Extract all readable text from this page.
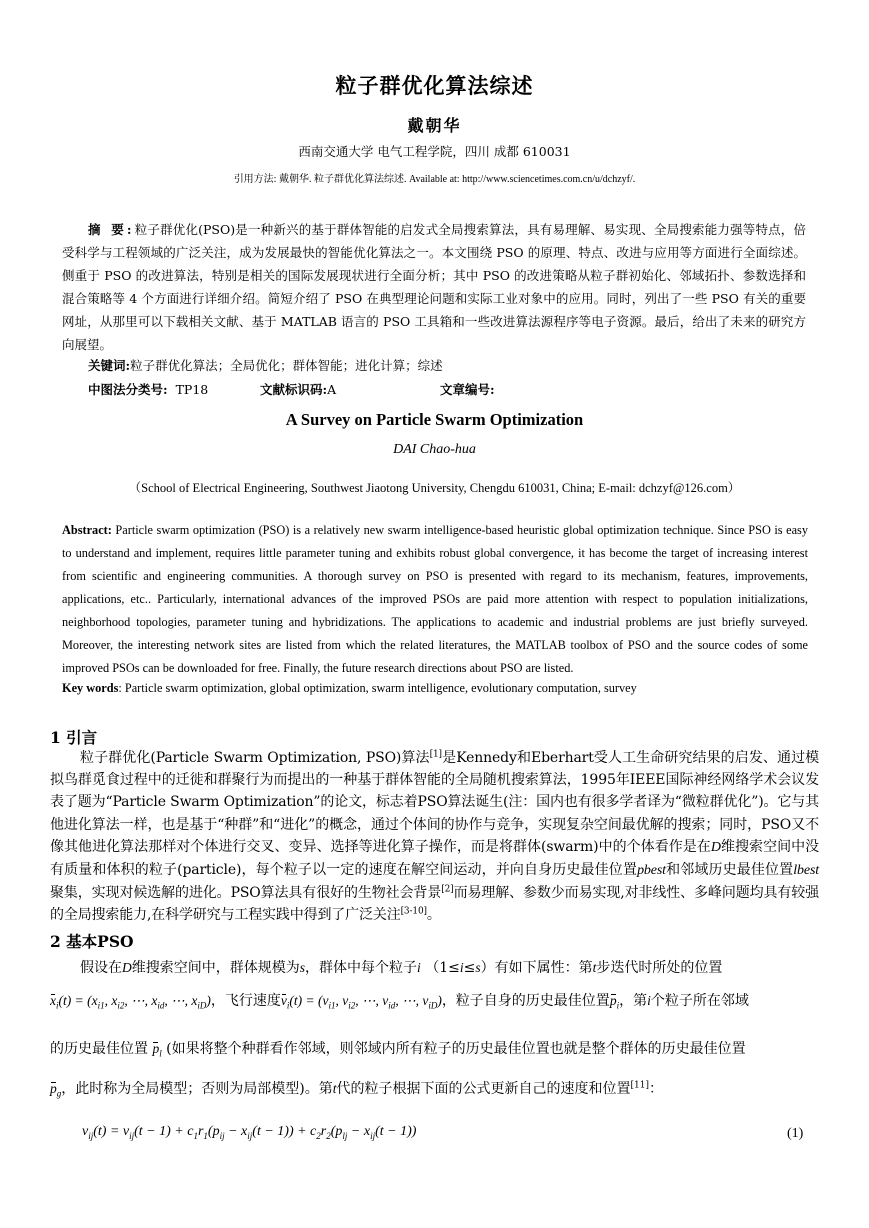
粒子群优化算法综述
戴朝华
西南交通大学 电气工程学院，四川 成都 610031
引用方法: 戴朝华. 粒子群优化算法综述. Available at: http://www.sciencetimes.com.cn/u/dchzyf/.
摘 要:粒子群优化(PSO)是一种新兴的基于群体智能的启发式全局搜索算法，具有易理解、易实现、全局搜索能力强等特点，倍受科学与工程领域的广泛关注，成为发展最快的智能优化算法之一。本文围绕 PSO 的原理、特点、改进与应用等方面进行全面综述。侧重于 PSO 的改进算法，特别是相关的国际发展现状进行全面分析；其中 PSO 的改进策略从粒子群初始化、邻域拓扑、参数选择和混合策略等 4 个方面进行详细介绍。简短介绍了 PSO 在典型理论问题和实际工业对象中的应用。同时，列出了一些 PSO 有关的重要网址，从那里可以下载相关文献、基于 MATLAB 语言的 PSO 工具箱和一些改进算法源程序等电子资源。最后，给出了未来的研究方向展望。
关键词:粒子群优化算法；全局优化；群体智能；进化计算；综述
中图法分类号: TP18	文献标识码:A	文章编号:
A Survey on Particle Swarm Optimization
DAI Chao-hua
（School of Electrical Engineering, Southwest Jiaotong University, Chengdu 610031, China; E-mail: dchzyf@126.com）
Abstract: Particle swarm optimization (PSO) is a relatively new swarm intelligence-based heuristic global optimization technique. Since PSO is easy to understand and implement, requires little parameter tuning and exhibits robust global convergence, it has become the target of increasing interest from scientific and engineering communities. A thorough survey on PSO is presented with regard to its mechanism, features, improvements, applications, etc.. Particularly, international advances of the improved PSOs are paid more attention with respect to population initializations, neighborhood topologies, parameter tuning and hybridizations. The applications to academic and industrial problems are just briefly surveyed. Moreover, the interesting network sites are listed from which the related literatures, the MATLAB toolbox of PSO and the source codes of some improved PSOs can be downloaded for free. Finally, the future research directions about PSO are listed.
Key words: Particle swarm optimization, global optimization, swarm intelligence, evolutionary computation, survey
1 引言
粒子群优化(Particle Swarm Optimization, PSO)算法[1]是Kennedy和Eberhart受人工生命研究结果的启发、通过模拟鸟群觅食过程中的迁徙和群聚行为而提出的一种基于群体智能的全局随机搜索算法，1995年IEEE国际神经网络学术会议发表了题为“Particle Swarm Optimization”的论文，标志着PSO算法诞生(注：国内也有很多学者译为“微粒群优化”)。它与其他进化算法一样，也是基于“种群”和“进化”的概念，通过个体间的协作与竞争，实现复杂空间最优解的搜索；同时，PSO又不像其他进化算法那样对个体进行交叉、变异、选择等进化算子操作，而是将群体(swarm)中的个体看作是在D维搜索空间中没有质量和体积的粒子(particle)，每个粒子以一定的速度在解空间运动，并向自身历史最佳位置pbest和邻域历史最佳位置lbest聚集，实现对候选解的进化。PSO算法具有很好的生物社会背景[2]而易理解、参数少而易实现,对非线性、多峰问题均具有较强的全局搜索能力,在科学研究与工程实践中得到了广泛关注[3-10]。
2 基本PSO
假设在D维搜索空间中，群体规模为s，群体中每个粒子i （1≤i≤s）有如下属性：第t步迭代时所处的位置
$x_i(t) = (x_{i1}$, $x_{i2}$, ⋯, $x_{id}$, ⋯, $x_{iD}$)，飞行速度$v_i(t) = (v_{i1}$, $v_{i2}$, ⋯, $v_{id}$, ⋯, $v_{iD}$)，粒子自身的历史最佳位置$p_i$，第i个粒子所在邻域
的历史最佳位置 $p_l$ (如果将整个种群看作邻域，则邻域内所有粒子的历史最佳位置也就是整个群体的历史最佳位置
$p_g$，此时称为全局模型；否则为局部模型)。第t代的粒子根据下面的公式更新自己的速度和位置[11]：
$v_{ij}(t) = v_{ij}(t - 1) + c_1r_1(p_{ij} - x_{ij}(t - 1)) + c_2r_2(p_{lj} - x_{ij}(t - 1))$	(1)
